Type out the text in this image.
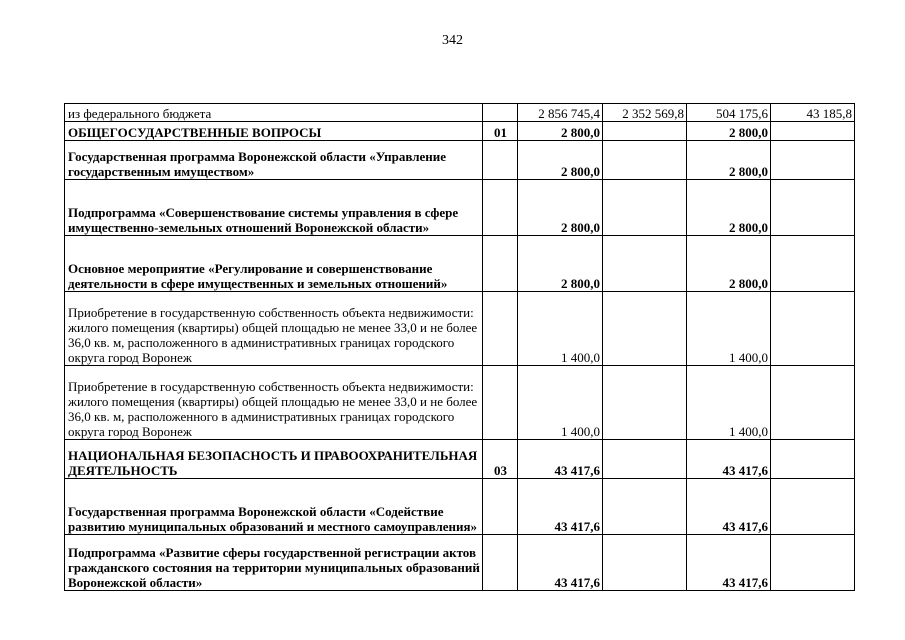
342
из федерального бюджета		2 856 745,4	2 352 569,8	504 175,6	43 185,8
ОБЩЕГОСУДАРСТВЕННЫЕ ВОПРОСЫ	01	2 800,0		2 800,0	
Государственная программа Воронежской области «Управление государственным имуществом»		2 800,0		2 800,0	
Подпрограмма «Совершенствование системы управления в сфере имущественно-земельных отношений Воронежской области»		2 800,0		2 800,0	
Основное мероприятие «Регулирование и совершенствование деятельности в сфере имущественных и земельных отношений»		2 800,0		2 800,0	
Приобретение в государственную собственность объекта недвижимости: жилого помещения (квартиры) общей площадью не менее 33,0 и не более 36,0 кв. м, расположенного в административных границах городского округа город Воронеж		1 400,0		1 400,0	
Приобретение в государственную собственность объекта недвижимости: жилого помещения (квартиры) общей площадью не менее 33,0 и не более 36,0 кв. м, расположенного в административных границах городского округа город Воронеж		1 400,0		1 400,0	
НАЦИОНАЛЬНАЯ БЕЗОПАСНОСТЬ И ПРАВООХРАНИТЕЛЬНАЯ ДЕЯТЕЛЬНОСТЬ	03	43 417,6		43 417,6	
Государственная программа Воронежской области «Содействие развитию муниципальных образований и местного самоуправления»		43 417,6		43 417,6	
Подпрограмма «Развитие сферы государственной регистрации актов гражданского состояния на территории муниципальных образований Воронежской области»		43 417,6		43 417,6	
